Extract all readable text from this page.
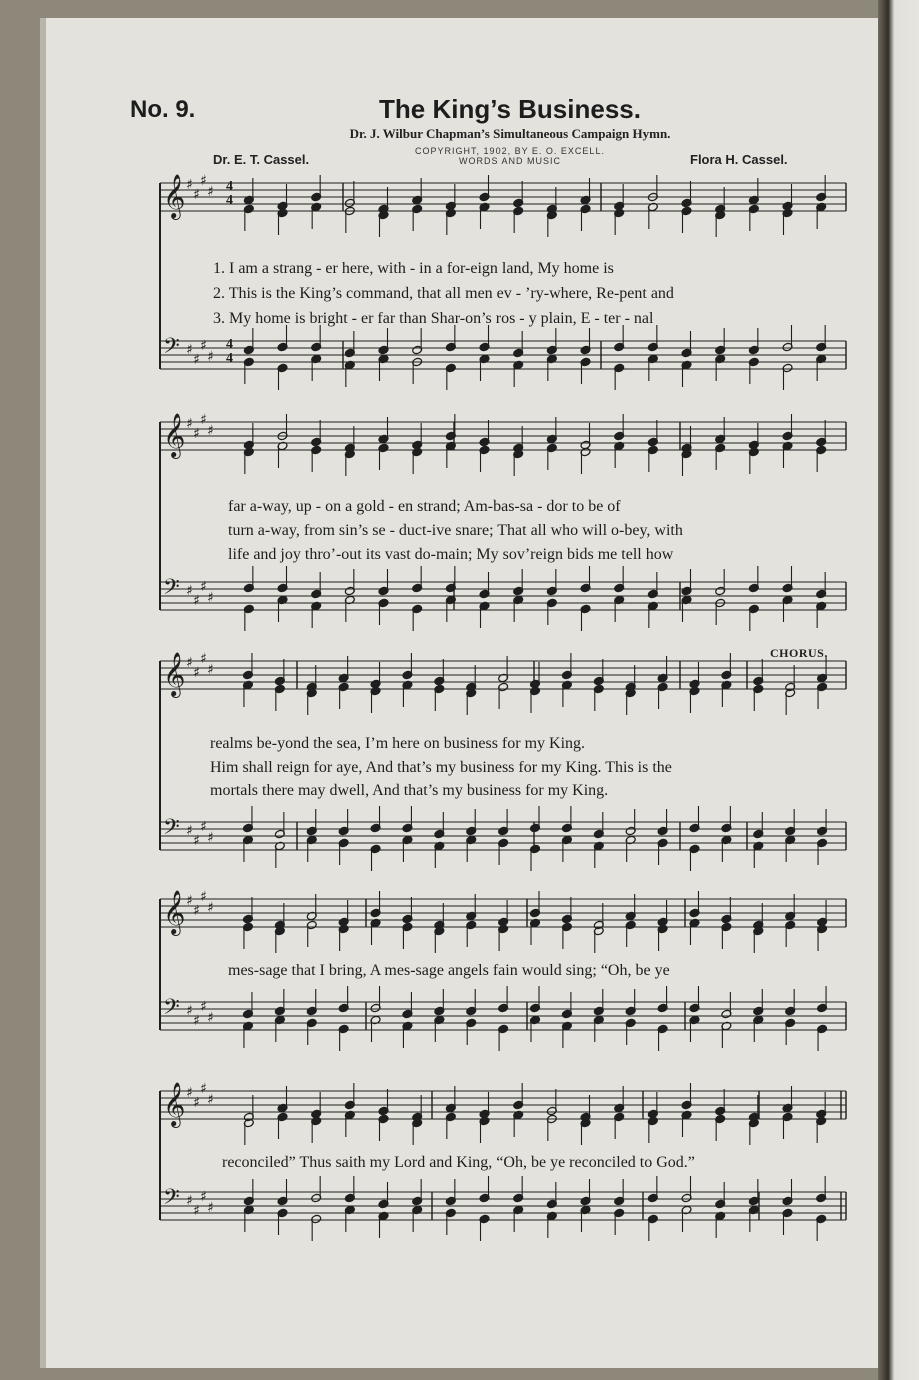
No. 9.	The King’s Business.
Dr. J. Wilbur Chapman’s Simultaneous Campaign Hymn.
COPYRIGHT, 1902, BY E. O. EXCELL.
WORDS AND MUSIC
Dr. E. T. Cassel.	Flora H. Cassel.
CHORUS.
𝄞 ♯
♯
♯
♯
𝄢 ♯
♯
♯
♯
𝄞 ♯
♯
♯
♯
𝄢 ♯
♯
♯
♯
𝄞 ♯
♯
♯
♯
𝄢 ♯
♯
♯
♯
𝄞 ♯
♯
♯
♯
𝄢 ♯
♯
♯
♯
𝄞 ♯
♯
♯
♯
𝄢 ♯
♯
♯
♯
4
4
4
4
1. I am a strang - er here, with - in a for-eign land, My home is
2. This is the King’s command, that all men ev - ’ry-where, Re-pent and
3. My home is bright - er far than Shar-on’s ros - y plain, E - ter - nal
far a-way, up - on a gold - en strand; Am-bas-sa - dor to be of
turn a-way, from sin’s se - duct-ive snare; That all who will o-bey, with
life and joy thro’-out its vast do-main; My sov’reign bids me tell how
realms be-yond the sea, I’m here on business for my King.
Him shall reign for aye, And that’s my business for my King. This is the
mortals there may dwell, And that’s my business for my King.
mes-sage that I bring, A mes-sage angels fain would sing; “Oh, be ye
reconciled” Thus saith my Lord and King, “Oh, be ye reconciled to God.”
